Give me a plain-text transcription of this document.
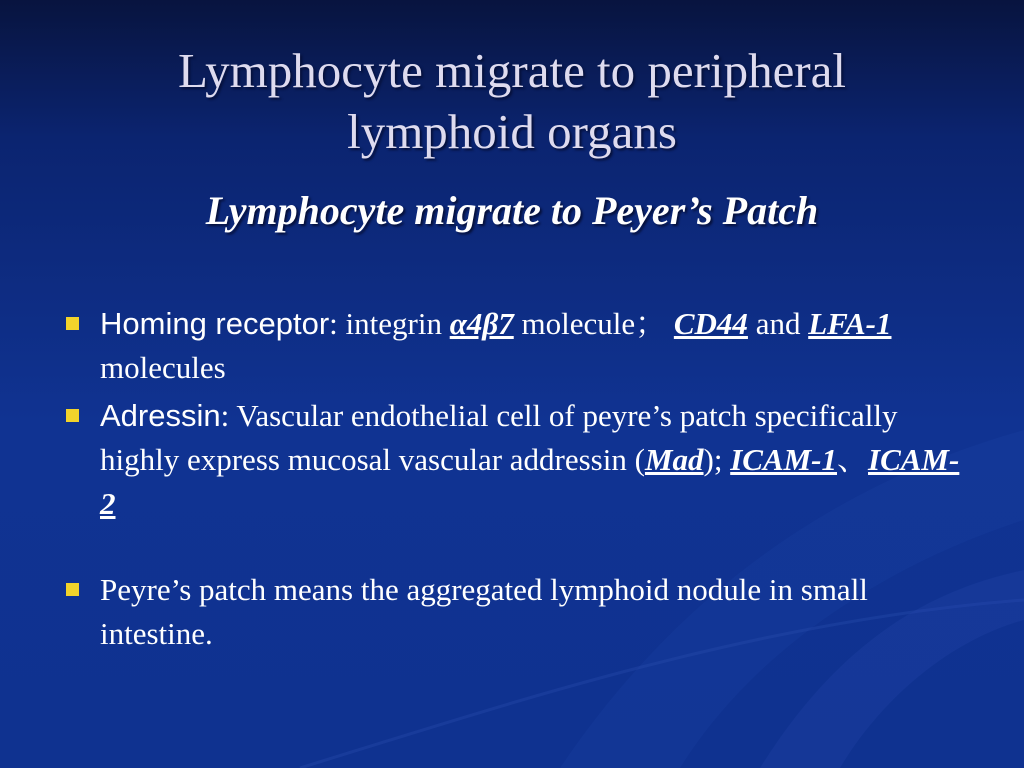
Lymphocyte migrate to peripheral
lymphoid organs
Lymphocyte migrate to Peyer’s Patch
Homing receptor: integrin α4β7 molecule； CD44 and LFA-1 molecules
Adressin: Vascular endothelial cell of peyre’s patch specifically highly express mucosal vascular addressin (Mad); ICAM-1、ICAM-2
Peyre’s patch means the aggregated lymphoid nodule in small intestine.
